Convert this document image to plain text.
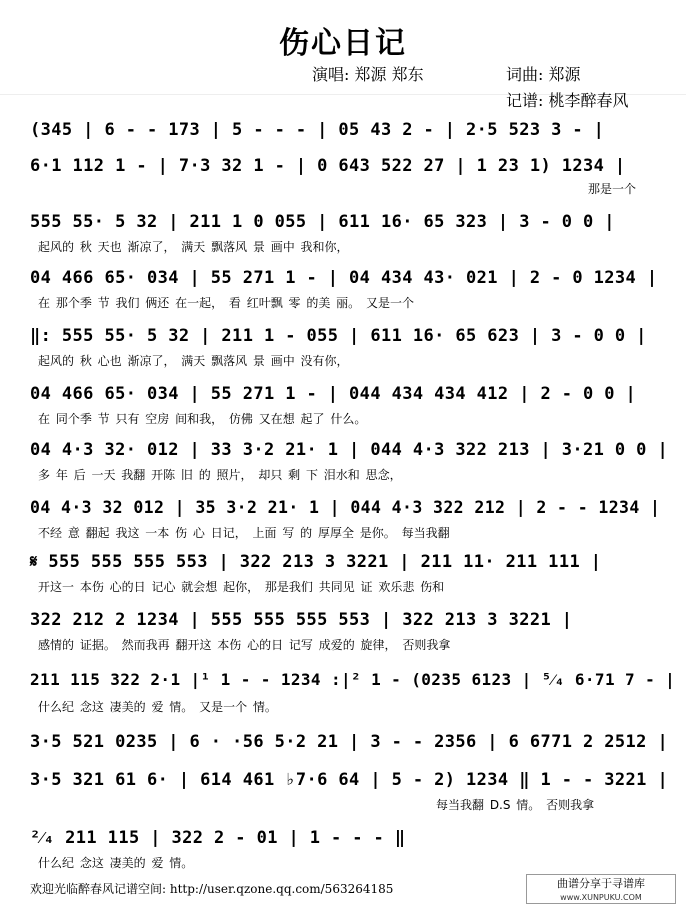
伤心日记
演唱: 郑源 郑东	词曲: 郑源
记谱: 桃李醉春风
(345 | 6 - - 173 | 5 - - - | 05 43 2 - | 2·5 523 3 - |
6·1 112 1 - | 7·3 32 1 - | 0 643 522 27 | 1 23 1) 1234 |
那是一个
555 55· 5 32 | 211 1 0 055 | 611 16· 65 323 | 3 - 0 0 |
起风的 秋 天也 渐凉了， 满天 飘落风 景 画中 我和你，
04 466 65· 034 | 55 271 1 - | 04 434 43· 021 | 2 - 0 1234 |
在 那个季 节 我们 俩还 在一起， 看 红叶飘 零 的美 丽。 又是一个
‖: 555 55· 5 32 | 211 1 - 055 | 611 16· 65 623 | 3 - 0 0 |
起风的 秋 心也 渐凉了， 满天 飘落风 景 画中 没有你，
04 466 65· 034 | 55 271 1 - | 044 434 434 412 | 2 - 0 0 |
在 同个季 节 只有 空房 间和我， 仿佛 又在想 起了 什么。
04 4·3 32· 012 | 33 3·2 21· 1 | 044 4·3 322 213 | 3·21 0 0 |
多 年 后 一天 我翻 开陈 旧 的 照片， 却只 剩 下 泪水和 思念，
04 4·3 32 012 | 35 3·2 21· 1 | 044 4·3 322 212 | 2 - - 1234 |
不经 意 翻起 我这 一本 伤 心 日记， 上面 写 的 厚厚全 是你。 每当我翻
𝄋 555 555 555 553 | 322 213 3 3221 | 211 11· 211 111 |
开这一 本伤 心的日 记心 就会想 起你， 那是我们 共同见 证 欢乐悲 伤和
322 212 2 1234 | 555 555 555 553 | 322 213 3 3221 |
感情的 证据。 然而我再 翻开这 本伤 心的日 记写 成爱的 旋律， 否则我拿
211 115 322 2·1 |¹ 1 - - 1234 :|² 1 - (0235 6123 | ⁵⁄₄ 6·71 7 - |
什么纪 念这 凄美的 爱 情。 又是一个 情。
3·5 521 0235 | 6 · ·56 5·2 21 | 3 - - 2356 | 6 6771 2 2512 |
3·5 321 61 6· | 614 461 ♭7·6 64 | 5 - 2) 1234 ‖ 1 - - 3221 |
每当我翻 D.S 情。 否则我拿
²⁄₄ 211 115 | 322 2 - 01 | 1 - - - ‖
什么纪 念这 凄美的 爱 情。
欢迎光临醉春风记谱空间: http://user.qzone.qq.com/563264185	曲谱分享于寻谱库
www.XUNPUKU.COM
